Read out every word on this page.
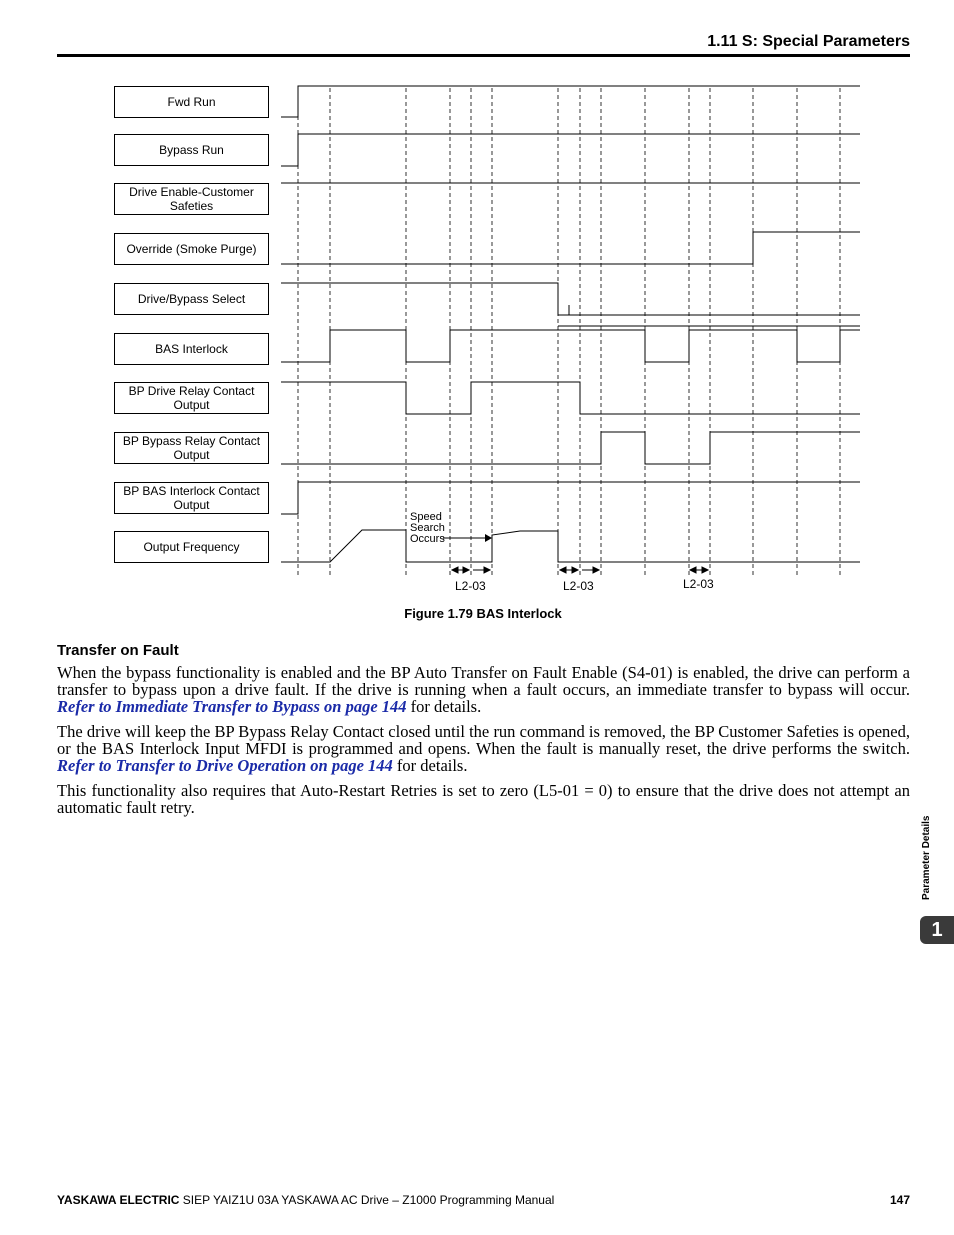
1.11 S: Special Parameters
Speed
Search
Occurs
L2-03	L2-03	L2-03
Fwd Run
Bypass Run
Drive Enable-Customer Safeties
Override (Smoke Purge)
Drive/Bypass Select
BAS Interlock
BP Drive Relay Contact Output
BP Bypass Relay Contact Output
BP BAS Interlock Contact Output
Output Frequency
Figure 1.79 BAS Interlock
Transfer on Fault
When the bypass functionality is enabled and the BP Auto Transfer on Fault Enable (S4-01) is enabled, the drive can perform a transfer to bypass upon a drive fault. If the drive is running when a fault occurs, an immediate transfer to bypass will occur. Refer to Immediate Transfer to Bypass on page 144 for details.
The drive will keep the BP Bypass Relay Contact closed until the run command is removed, the BP Customer Safeties is opened, or the BAS Interlock Input MFDI is programmed and opens. When the fault is manually reset, the drive performs the switch. Refer to Transfer to Drive Operation on page 144 for details.
This functionality also requires that Auto-Restart Retries is set to zero (L5-01 = 0) to ensure that the drive does not attempt an automatic fault retry.
Parameter Details
1
YASKAWA ELECTRIC SIEP YAIZ1U 03A YASKAWA AC Drive – Z1000 Programming Manual	147
